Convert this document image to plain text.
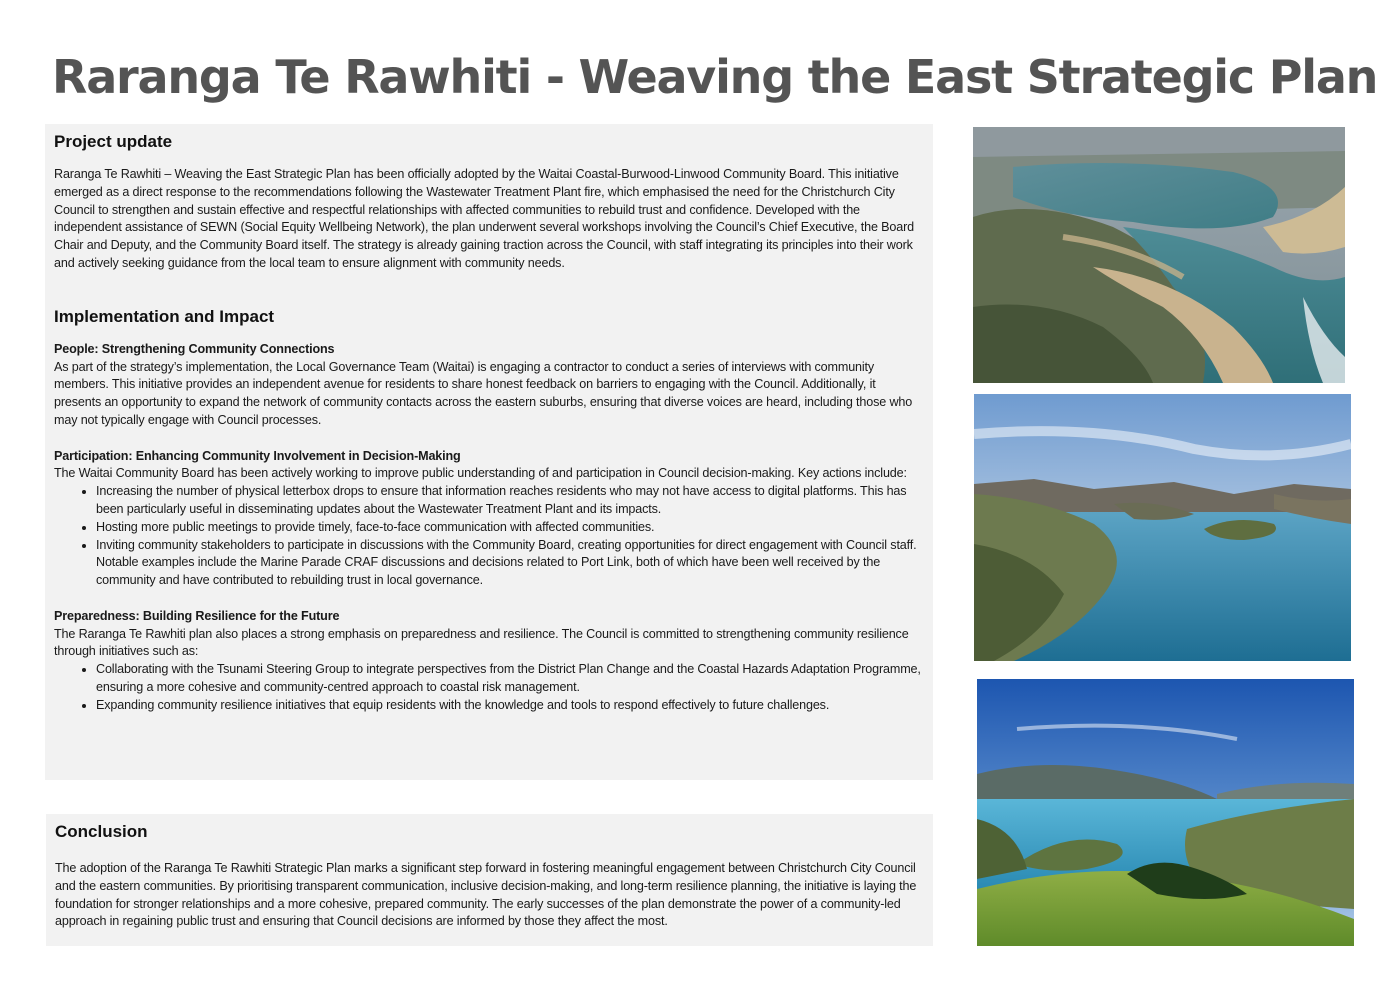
Raranga Te Rawhiti - Weaving the East Strategic Plan
Project update

Raranga Te Rawhiti – Weaving the East Strategic Plan has been officially adopted by the Waitai Coastal-Burwood-Linwood Community Board. This initiative emerged as a direct response to the recommendations following the Wastewater Treatment Plant fire, which emphasised the need for the Christchurch City Council to strengthen and sustain effective and respectful relationships with affected communities to rebuild trust and confidence. Developed with the independent assistance of SEWN (Social Equity Wellbeing Network), the plan underwent several workshops involving the Council’s Chief Executive, the Board Chair and Deputy, and the Community Board itself. The strategy is already gaining traction across the Council, with staff integrating its principles into their work and actively seeking guidance from the local team to ensure alignment with community needs.

Implementation and Impact

People: Strengthening Community Connections

As part of the strategy’s implementation, the Local Governance Team (Waitai) is engaging a contractor to conduct a series of interviews with community members. This initiative provides an independent avenue for residents to share honest feedback on barriers to engaging with the Council. Additionally, it presents an opportunity to expand the network of community contacts across the eastern suburbs, ensuring that diverse voices are heard, including those who may not typically engage with Council processes.

Participation: Enhancing Community Involvement in Decision-Making

The Waitai Community Board has been actively working to improve public understanding of and participation in Council decision-making. Key actions include:

• Increasing the number of physical letterbox drops to ensure that information reaches residents who may not have access to digital platforms. This has been particularly useful in disseminating updates about the Wastewater Treatment Plant and its impacts.
• Hosting more public meetings to provide timely, face-to-face communication with affected communities.
• Inviting community stakeholders to participate in discussions with the Community Board, creating opportunities for direct engagement with Council staff. Notable examples include the Marine Parade CRAF discussions and decisions related to Port Link, both of which have been well received by the community and have contributed to rebuilding trust in local governance.

Preparedness: Building Resilience for the Future

The Raranga Te Rawhiti plan also places a strong emphasis on preparedness and resilience. The Council is committed to strengthening community resilience through initiatives such as:

• Collaborating with the Tsunami Steering Group to integrate perspectives from the District Plan Change and the Coastal Hazards Adaptation Programme, ensuring a more cohesive and community-centred approach to coastal risk management.
• Expanding community resilience initiatives that equip residents with the knowledge and tools to respond effectively to future challenges.
Conclusion

The adoption of the Raranga Te Rawhiti Strategic Plan marks a significant step forward in fostering meaningful engagement between Christchurch City Council and the eastern communities. By prioritising transparent communication, inclusive decision-making, and long-term resilience planning, the initiative is laying the foundation for stronger relationships and a more cohesive, prepared community. The early successes of the plan demonstrate the power of a community-led approach in regaining public trust and ensuring that Council decisions are informed by those they affect the most.
